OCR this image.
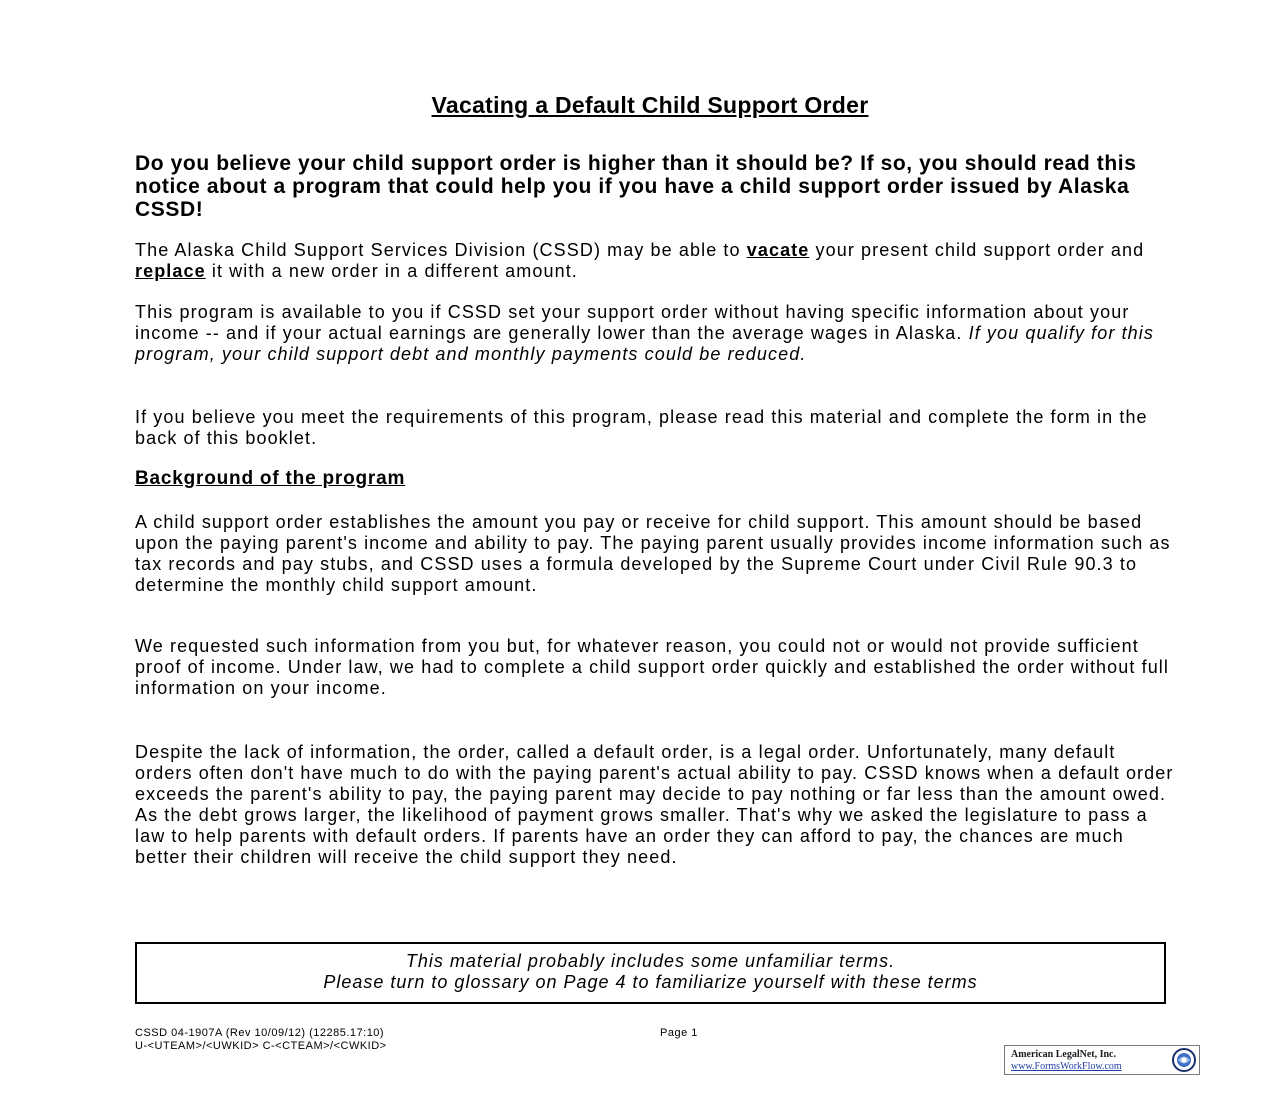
Vacating a Default Child Support Order
Do you believe your child support order is higher than it should be? If so, you should read this notice about a program that could help you if you have a child support order issued by Alaska CSSD!
The Alaska Child Support Services Division (CSSD) may be able to vacate your present child support order and replace it with a new order in a different amount.
This program is available to you if CSSD set your support order without having specific information about your income -- and if your actual earnings are generally lower than the average wages in Alaska. If you qualify for this program, your child support debt and monthly payments could be reduced.
If you believe you meet the requirements of this program, please read this material and complete the form in the back of this booklet.
Background of the program
A child support order establishes the amount you pay or receive for child support. This amount should be based upon the paying parent's income and ability to pay. The paying parent usually provides income information such as tax records and pay stubs, and CSSD uses a formula developed by the Supreme Court under Civil Rule 90.3 to determine the monthly child support amount.
We requested such information from you but, for whatever reason, you could not or would not provide sufficient proof of income. Under law, we had to complete a child support order quickly and established the order without full information on your income.
Despite the lack of information, the order, called a default order, is a legal order. Unfortunately, many default orders often don't have much to do with the paying parent's actual ability to pay. CSSD knows when a default order exceeds the parent's ability to pay, the paying parent may decide to pay nothing or far less than the amount owed. As the debt grows larger, the likelihood of payment grows smaller. That's why we asked the legislature to pass a law to help parents with default orders. If parents have an order they can afford to pay, the chances are much better their children will receive the child support they need.
This material probably includes some unfamiliar terms.
Please turn to glossary on Page 4 to familiarize yourself with these terms
CSSD 04-1907A (Rev 10/09/12) (12285.17:10)
U-<UTEAM>/<UWKID> C-<CTEAM>/<CWKID>
Page 1
American LegalNet, Inc.
www.FormsWorkFlow.com
